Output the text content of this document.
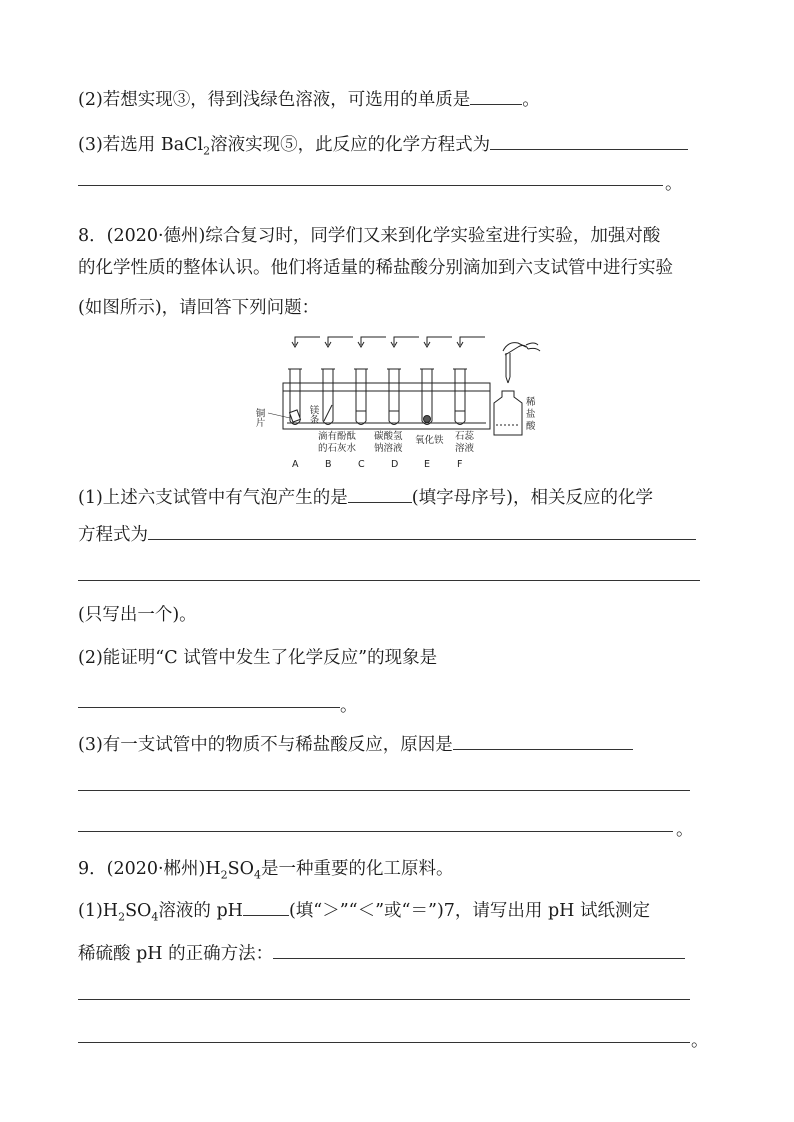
(2)若想实现③，得到浅绿色溶液，可选用的单质是	。
(3)若选用 BaCl$_2$溶液实现⑤，此反应的化学方程式为
。
8．(2020·德州)综合复习时，同学们又来到化学实验室进行实验，加强对酸
的化学性质的整体认识。他们将适量的稀盐酸分别滴加到六支试管中进行实验
(如图所示)，请回答下列问题：
铜片	镁条
滴有酚酞
的石灰水
碳酸氢
钠溶液
氧化铁 石蕊
溶液
A	B	C	D	E	F
稀
盐
酸
(1)上述六支试管中有气泡产生的是	(填字母序号)，相关反应的化学
方程式为
(只写出一个)。
(2)能证明“C 试管中发生了化学反应”的现象是
。
(3)有一支试管中的物质不与稀盐酸反应，原因是
。
9．(2020·郴州)$H_2SO_4$是一种重要的化工原料。
$(1)H_2SO_4$溶液的 pH	(填“＞”“＜”或“＝”)7，请写出用 pH 试纸测定
稀硫酸 pH 的正确方法：
。
